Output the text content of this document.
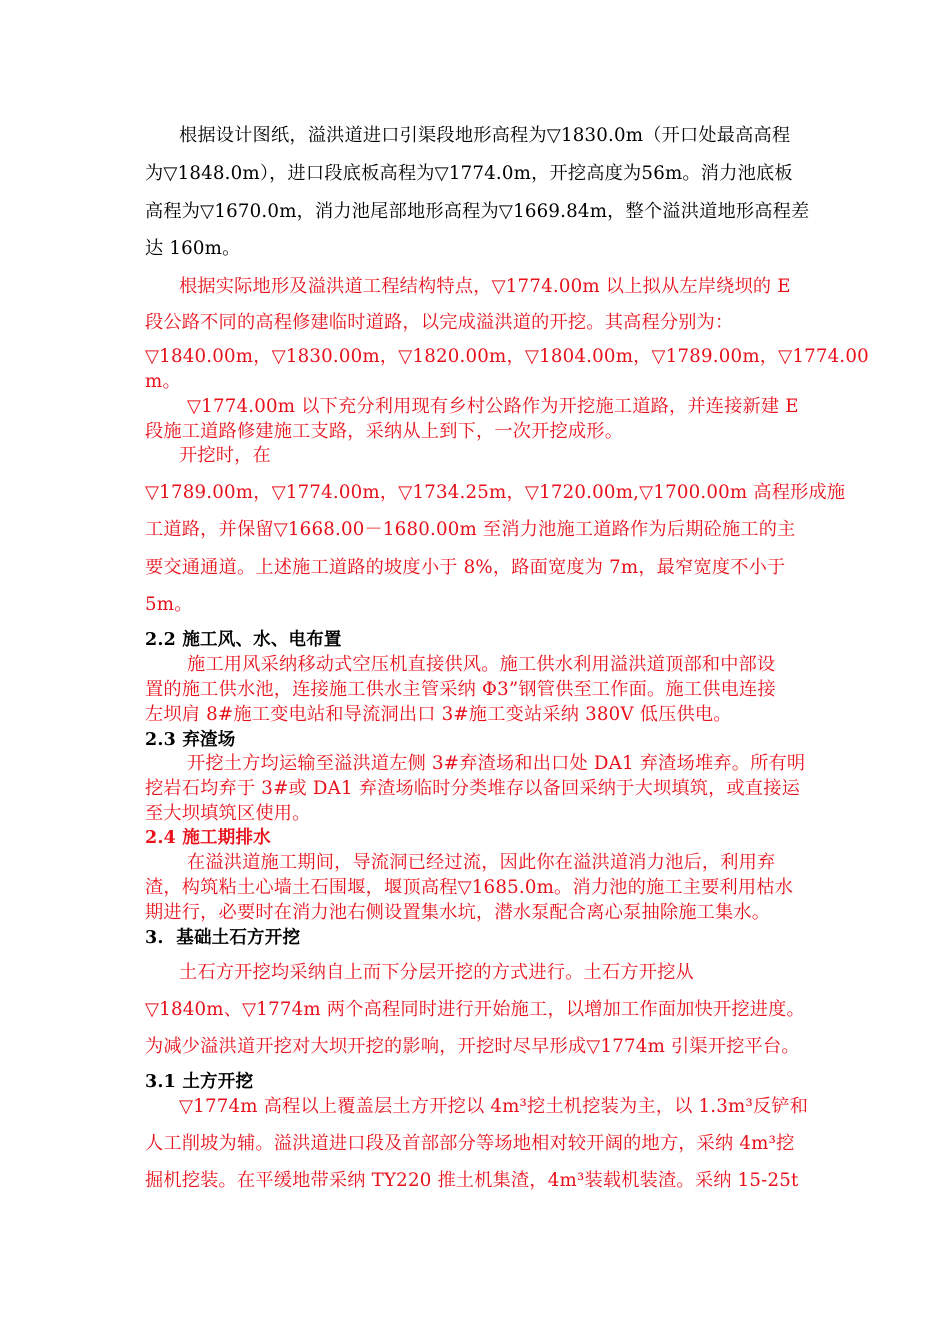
根据设计图纸，溢洪道进口引渠段地形高程为▽1830.0m（开口处最高高程
为▽1848.0m），进口段底板高程为▽1774.0m，开挖高度为56m。消力池底板
高程为▽1670.0m，消力池尾部地形高程为▽1669.84m，整个溢洪道地形高程差
达 160m。
根据实际地形及溢洪道工程结构特点，▽1774.00m 以上拟从左岸绕坝的 E
段公路不同的高程修建临时道路，以完成溢洪道的开挖。其高程分别为：
▽1840.00m，▽1830.00m，▽1820.00m，▽1804.00m，▽1789.00m，▽1774.00
m。
▽1774.00m 以下充分利用现有乡村公路作为开挖施工道路，并连接新建 E
段施工道路修建施工支路，采纳从上到下，一次开挖成形。
开挖时，在
▽1789.00m，▽1774.00m，▽1734.25m，▽1720.00m,▽1700.00m 高程形成施
工道路，并保留▽1668.00－1680.00m 至消力池施工道路作为后期砼施工的主
要交通通道。上述施工道路的坡度小于 8%，路面宽度为 7m，最窄宽度不小于
5m。
2.2 施工风、水、电布置
施工用风采纳移动式空压机直接供风。施工供水利用溢洪道顶部和中部设
置的施工供水池，连接施工供水主管采纳 Φ3”钢管供至工作面。施工供电连接
左坝肩 8#施工变电站和导流洞出口 3#施工变站采纳 380V 低压供电。
2.3 弃渣场
开挖土方均运输至溢洪道左侧 3#弃渣场和出口处 DA1 弃渣场堆弃。所有明
挖岩石均弃于 3#或 DA1 弃渣场临时分类堆存以备回采纳于大坝填筑，或直接运
至大坝填筑区使用。
2.4 施工期排水
在溢洪道施工期间，导流洞已经过流，因此你在溢洪道消力池后，利用弃
渣，构筑粘土心墙土石围堰，堰顶高程▽1685.0m。消力池的施工主要利用枯水
期进行，必要时在消力池右侧设置集水坑，潜水泵配合离心泵抽除施工集水。
3.  基础土石方开挖
土石方开挖均采纳自上而下分层开挖的方式进行。土石方开挖从
▽1840m、▽1774m 两个高程同时进行开始施工，以增加工作面加快开挖进度。
为减少溢洪道开挖对大坝开挖的影响，开挖时尽早形成▽1774m 引渠开挖平台。
3.1 土方开挖
▽1774m 高程以上覆盖层土方开挖以 4m³挖土机挖装为主，以 1.3m³反铲和
人工削坡为辅。溢洪道进口段及首部部分等场地相对较开阔的地方，采纳 4m³挖
掘机挖装。在平缓地带采纳 TY220 推土机集渣，4m³装载机装渣。采纳 15-25t
